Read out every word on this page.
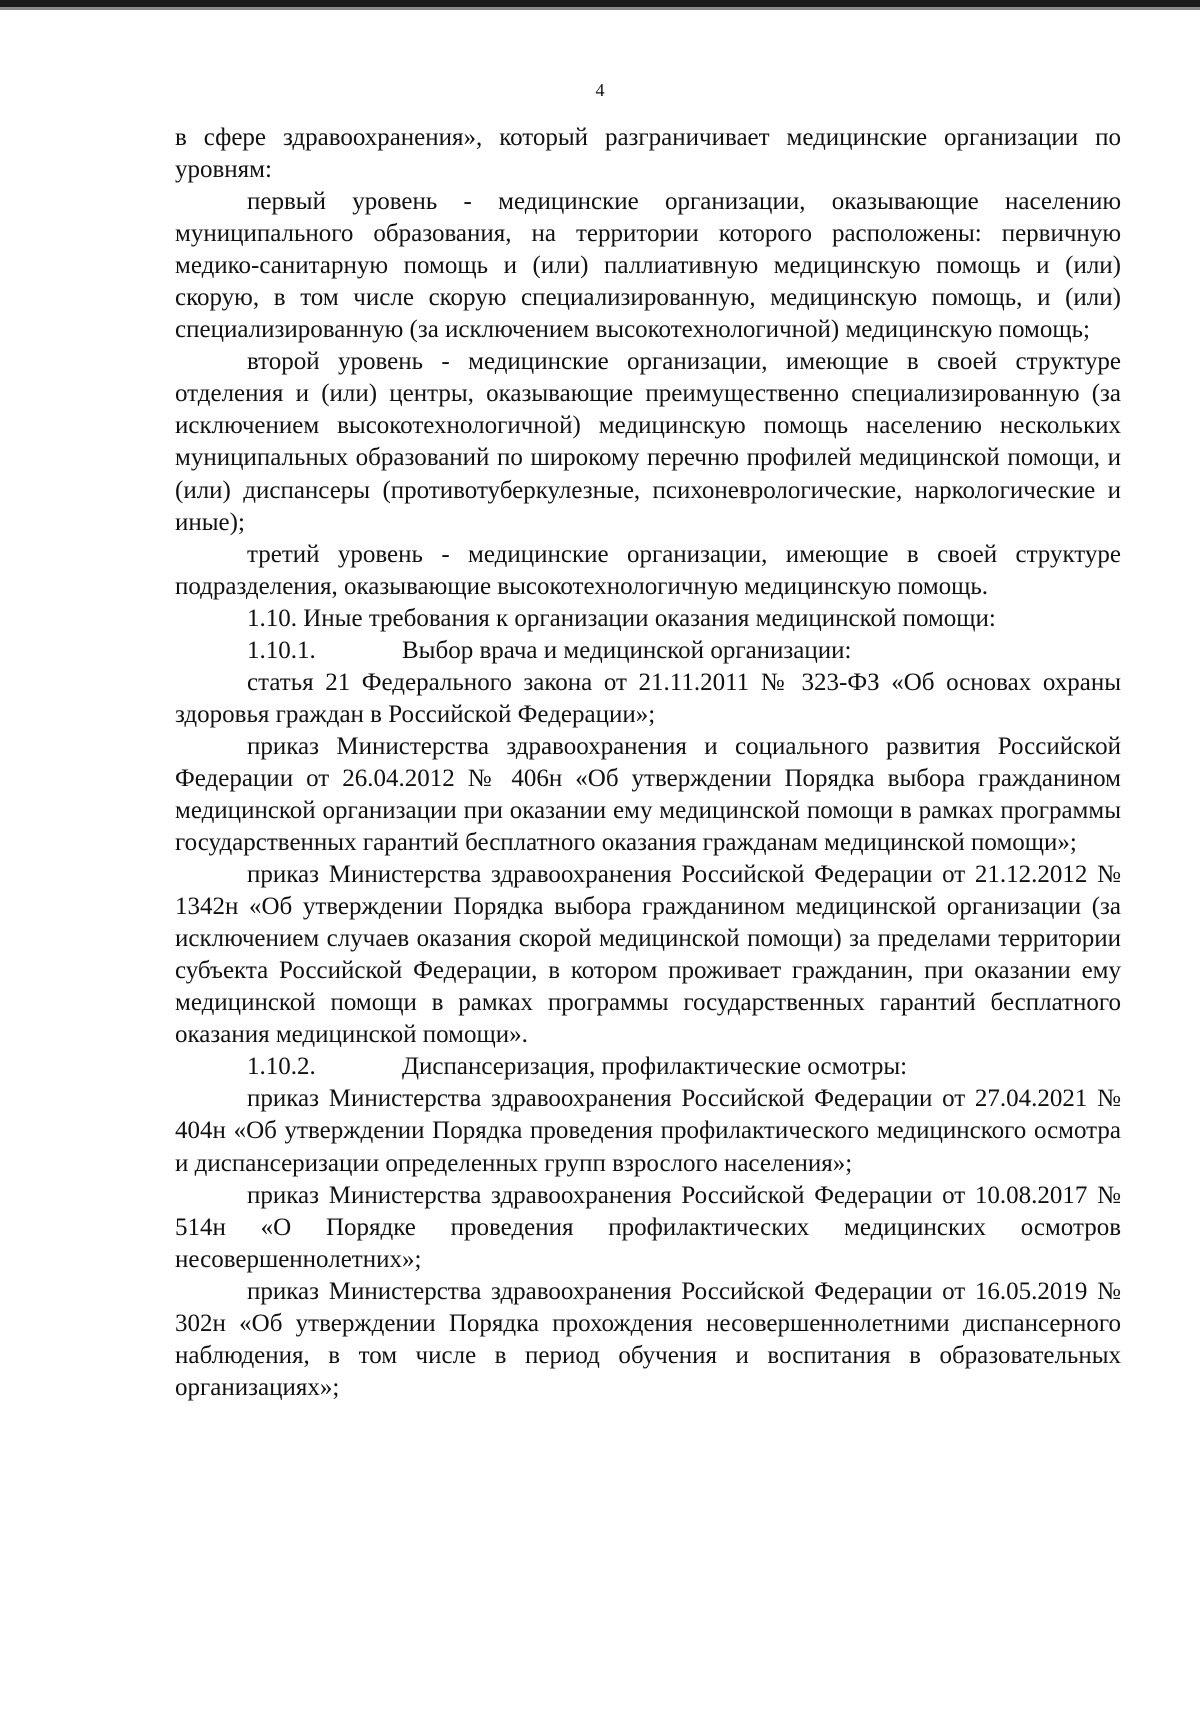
4

в сфере здравоохранения», который разграничивает медицинские организации по уровням:

первый уровень - медицинские организации, оказывающие населению муниципального образования, на территории которого расположены: первичную медико-санитарную помощь и (или) паллиативную медицинскую помощь и (или) скорую, в том числе скорую специализированную, медицинскую помощь, и (или) специализированную (за исключением высокотехнологичной) медицинскую помощь;

второй уровень - медицинские организации, имеющие в своей структуре отделения и (или) центры, оказывающие преимущественно специализированную (за исключением высокотехнологичной) медицинскую помощь населению нескольких муниципальных образований по широкому перечню профилей медицинской помощи, и (или) диспансеры (противотуберкулезные, психоневрологические, наркологические и иные);

третий уровень - медицинские организации, имеющие в своей структуре подразделения, оказывающие высокотехнологичную медицинскую помощь.

1.10. Иные требования к организации оказания медицинской помощи:

1.10.1.	Выбор врача и медицинской организации:

статья 21 Федерального закона от 21.11.2011 № 323-ФЗ «Об основах охраны здоровья граждан в Российской Федерации»;

приказ Министерства здравоохранения и социального развития Российской Федерации от 26.04.2012 № 406н «Об утверждении Порядка выбора гражданином медицинской организации при оказании ему медицинской помощи в рамках программы государственных гарантий бесплатного оказания гражданам медицинской помощи»;

приказ Министерства здравоохранения Российской Федерации от 21.12.2012 № 1342н «Об утверждении Порядка выбора гражданином медицинской организации (за исключением случаев оказания скорой медицинской помощи) за пределами территории субъекта Российской Федерации, в котором проживает гражданин, при оказании ему медицинской помощи в рамках программы государственных гарантий бесплатного оказания медицинской помощи».

1.10.2.	Диспансеризация, профилактические осмотры:

приказ Министерства здравоохранения Российской Федерации от 27.04.2021 № 404н «Об утверждении Порядка проведения профилактического медицинского осмотра и диспансеризации определенных групп взрослого населения»;

приказ Министерства здравоохранения Российской Федерации от 10.08.2017 № 514н «О Порядке проведения профилактических медицинских осмотров несовершеннолетних»;

приказ Министерства здравоохранения Российской Федерации от 16.05.2019 № 302н «Об утверждении Порядка прохождения несовершеннолетними диспансерного наблюдения, в том числе в период обучения и воспитания в образовательных организациях»;
